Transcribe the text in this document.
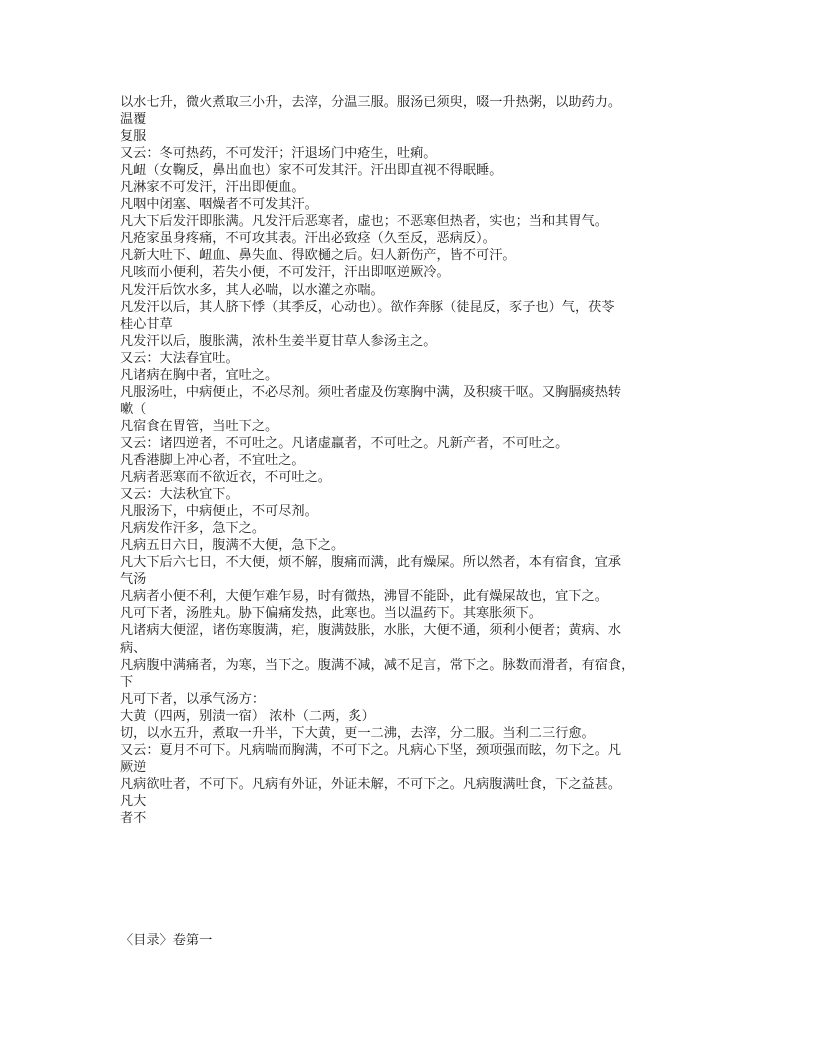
以水七升，微火煮取三小升，去滓，分温三服。服汤已须臾，啜一升热粥，以助药力。

温覆

复服

又云：冬可热药，不可发汗；汗退场门中疮生，吐痢。

凡衄（女鞠反，鼻出血也）家不可发其汗。汗出即直视不得眠睡。

凡淋家不可发汗，汗出即便血。

凡咽中闭塞、咽燥者不可发其汗。

凡大下后发汗即胀满。凡发汗后恶寒者，虚也；不恶寒但热者，实也；当和其胃气。

凡疮家虽身疼痛，不可攻其表。汗出必致痉（久至反，恶病反）。

凡新大吐下、衄血、鼻失血、得欧樋之后。妇人新伤产，皆不可汗。

凡咳而小便利，若失小便，不可发汗，汗出即呕逆厥冷。

凡发汗后饮水多，其人必喘，以水灌之亦喘。

凡发汗以后，其人脐下悸（其季反，心动也）。欲作奔豚（徒昆反，豕子也）气，茯苓

桂心甘草

凡发汗以后，腹胀满，浓朴生姜半夏甘草人参汤主之。

又云：大法春宜吐。

凡诸病在胸中者，宜吐之。

凡服汤吐，中病便止，不必尽剂。须吐者虚及伤寒胸中满，及积痰干呕。又胸膈痰热转

嗽（

凡宿食在胃管，当吐下之。

又云：诸四逆者，不可吐之。凡诸虚羸者，不可吐之。凡新产者，不可吐之。

凡香港脚上冲心者，不宜吐之。

凡病者恶寒而不欲近衣，不可吐之。

又云：大法秋宜下。

凡服汤下，中病便止，不可尽剂。

凡病发作汗多，急下之。

凡病五日六日，腹满不大便，急下之。

凡大下后六七日，不大便，烦不解，腹痛而满，此有燥屎。所以然者，本有宿食，宜承

气汤

凡病者小便不利，大便乍难乍易，时有微热，沸冒不能卧，此有燥屎故也，宜下之。

凡可下者，汤胜丸。胁下偏痛发热，此寒也。当以温药下。其寒胀须下。

凡诸病大便涩，诸伤寒腹满，疟，腹满鼓胀，水胀，大便不通，须利小便者；黄病、水

病、

凡病腹中满痛者，为寒，当下之。腹满不减，减不足言，常下之。脉数而滑者，有宿食，

下

凡可下者，以承气汤方：

大黄（四两，别渍一宿） 浓朴（二两，炙）

切，以水五升，煮取一升半，下大黄，更一二沸，去滓，分二服。当利二三行愈。

又云：夏月不可下。凡病喘而胸满，不可下之。凡病心下坚，颈项强而眩，勿下之。凡

厥逆

凡病欲吐者，不可下。凡病有外证，外证未解，不可下之。凡病腹满吐食，下之益甚。

凡大

者不

〈目录〉卷第一
